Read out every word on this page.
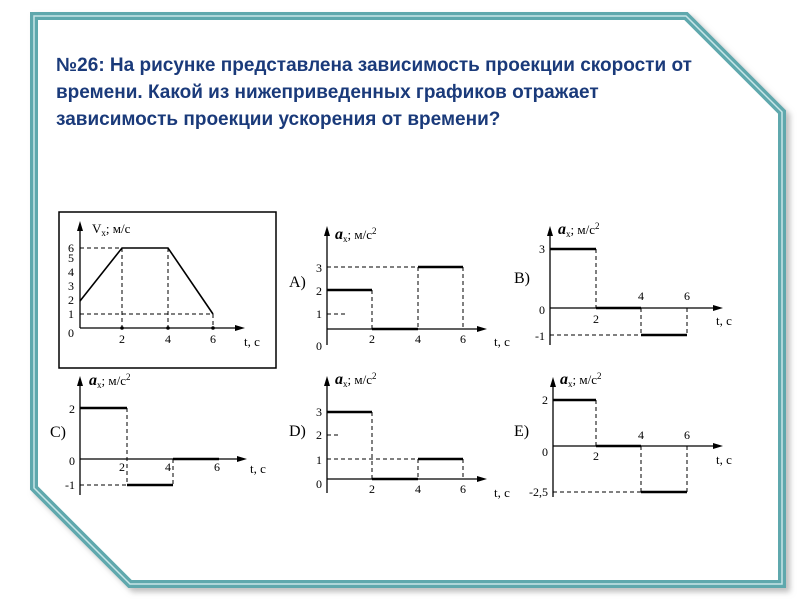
№26: На рисунке представлена зависимость проекции скорости от времени. Какой из нижеприведенных графиков отражает зависимость проекции ускорения от времени?

$V_x$; м/с
t, с
1
2
3
4
5
6
0	2	4	6
$a_x$; $м/с^2$
A)
t, с
1
2
3
0	2	4	6
$a_x$; $м/с^2$
B)
t, с
3
-1
0
2
4	6
$a_x$; $м/с^2$
C)
t, с
2
-1
0	2	4	6
$a_x$; $м/с^2$
D)
t, с
1
2
3
0	2	4	6
$a_x$; $м/с^2$
E)
t, с
2
-2,5
0	2
4	6
